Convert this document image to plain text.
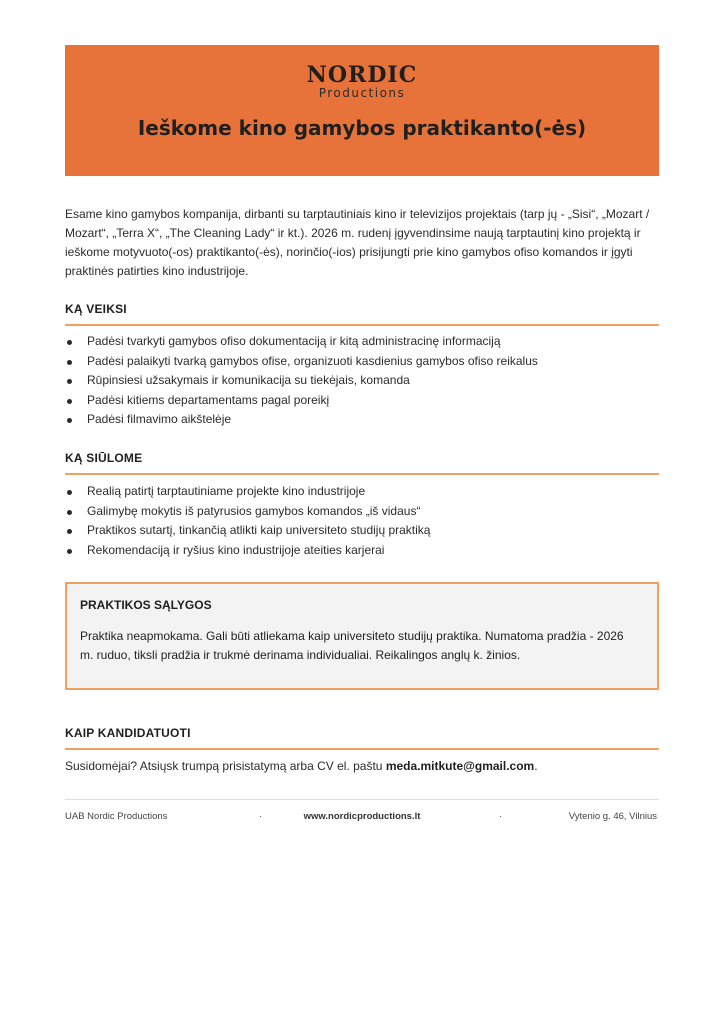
NORDIC
Productions
Ieškome kino gamybos praktikanto(-ės)
Esame kino gamybos kompanija, dirbanti su tarptautiniais kino ir televizijos projektais (tarp jų - „Sisi“, „Mozart / Mozart“, „Terra X“, „The Cleaning Lady“ ir kt.). 2026 m. rudenį įgyvendinsime naują tarptautinį kino projektą ir ieškome motyvuoto(-os) praktikanto(-ės), norinčio(-ios) prisijungti prie kino gamybos ofiso komandos ir įgyti praktinės patirties kino industrijoje.
KĄ VEIKSI
Padėsi tvarkyti gamybos ofiso dokumentaciją ir kitą administracinę informaciją
Padėsi palaikyti tvarką gamybos ofise, organizuoti kasdienius gamybos ofiso reikalus
Rūpinsiesi užsakymais ir komunikacija su tiekėjais, komanda
Padėsi kitiems departamentams pagal poreikį
Padėsi filmavimo aikštelėje
KĄ SIŪLOME
Realią patirtį tarptautiniame projekte kino industrijoje
Galimybę mokytis iš patyrusios gamybos komandos „iš vidaus“
Praktikos sutartį, tinkančią atlikti kaip universiteto studijų praktiką
Rekomendaciją ir ryšius kino industrijoje ateities karjerai
PRAKTIKOS SĄLYGOS
Praktika neapmokama. Gali būti atliekama kaip universiteto studijų praktika. Numatoma pradžia - 2026 m. ruduo, tiksli pradžia ir trukmė derinama individualiai. Reikalingos anglų k. žinios.
KAIP KANDIDATUOTI
Susidomėjai? Atsiųsk trumpą prisistatymą arba CV el. paštu meda.mitkute@gmail.com.
UAB Nordic Productions	·	www.nordicproductions.lt	·	Vytenio g. 46, Vilnius
